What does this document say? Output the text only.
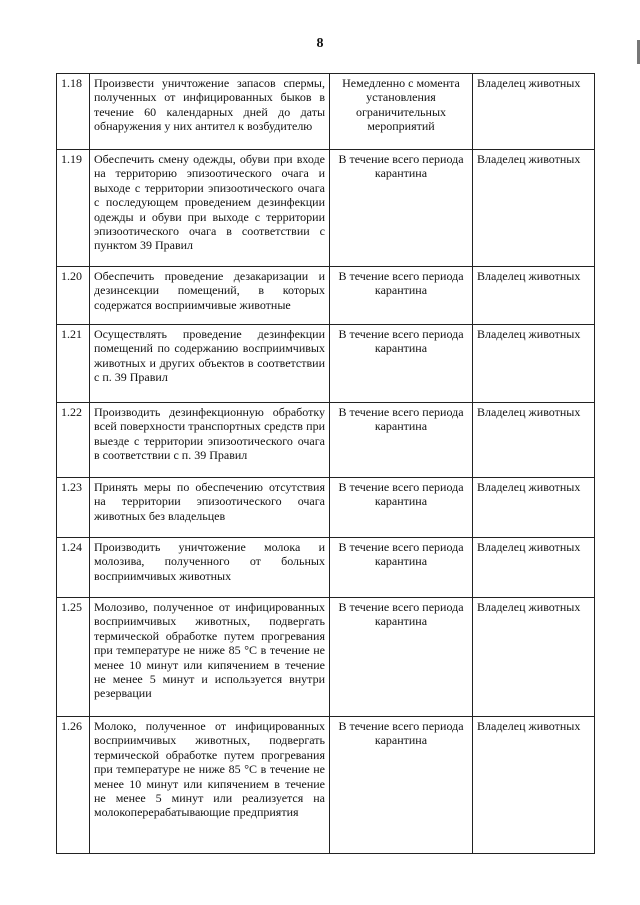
8
1.18	Произвести уничтожение запасов спермы, полученных от инфицированных быков в течение 60 календарных дней до даты обнаружения у них антител к возбудителю	Немедленно с момента установления ограничительных мероприятий	Владелец животных
1.19	Обеспечить смену одежды, обуви при входе на территорию эпизоотического очага и выходе с территории эпизоотического очага с последующем проведением дезинфекции одежды и обуви при выходе с территории эпизоотического очага в соответствии с пунктом 39 Правил	В течение всего периода карантина	Владелец животных
1.20	Обеспечить проведение дезакаризации и дезинсекции помещений, в которых содержатся восприимчивые животные	В течение всего периода карантина	Владелец животных
1.21	Осуществлять проведение дезинфекции помещений по содержанию восприимчивых животных и других объектов в соответствии с п. 39 Правил	В течение всего периода карантина	Владелец животных
1.22	Производить дезинфекционную обработку всей поверхности транспортных средств при выезде с территории эпизоотического очага в соответствии с п. 39 Правил	В течение всего периода карантина	Владелец животных
1.23	Принять меры по обеспечению отсутствия на территории эпизоотического очага животных без владельцев	В течение всего периода карантина	Владелец животных
1.24	Производить уничтожение молока и молозива, полученного от больных восприимчивых животных	В течение всего периода карантина	Владелец животных
1.25	Молозиво, полученное от инфицированных восприимчивых животных, подвергать термической обработке путем прогревания при температуре не ниже 85 °С в течение не менее 10 минут или кипячением в течение не менее 5 минут и используется внутри резервации	В течение всего периода карантина	Владелец животных
1.26	Молоко, полученное от инфицированных восприимчивых животных, подвергать термической обработке путем прогревания при температуре не ниже 85 °С в течение не менее 10 минут или кипячением в течение не менее 5 минут или реализуется на молокоперерабатывающие предприятия	В течение всего периода карантина	Владелец животных
